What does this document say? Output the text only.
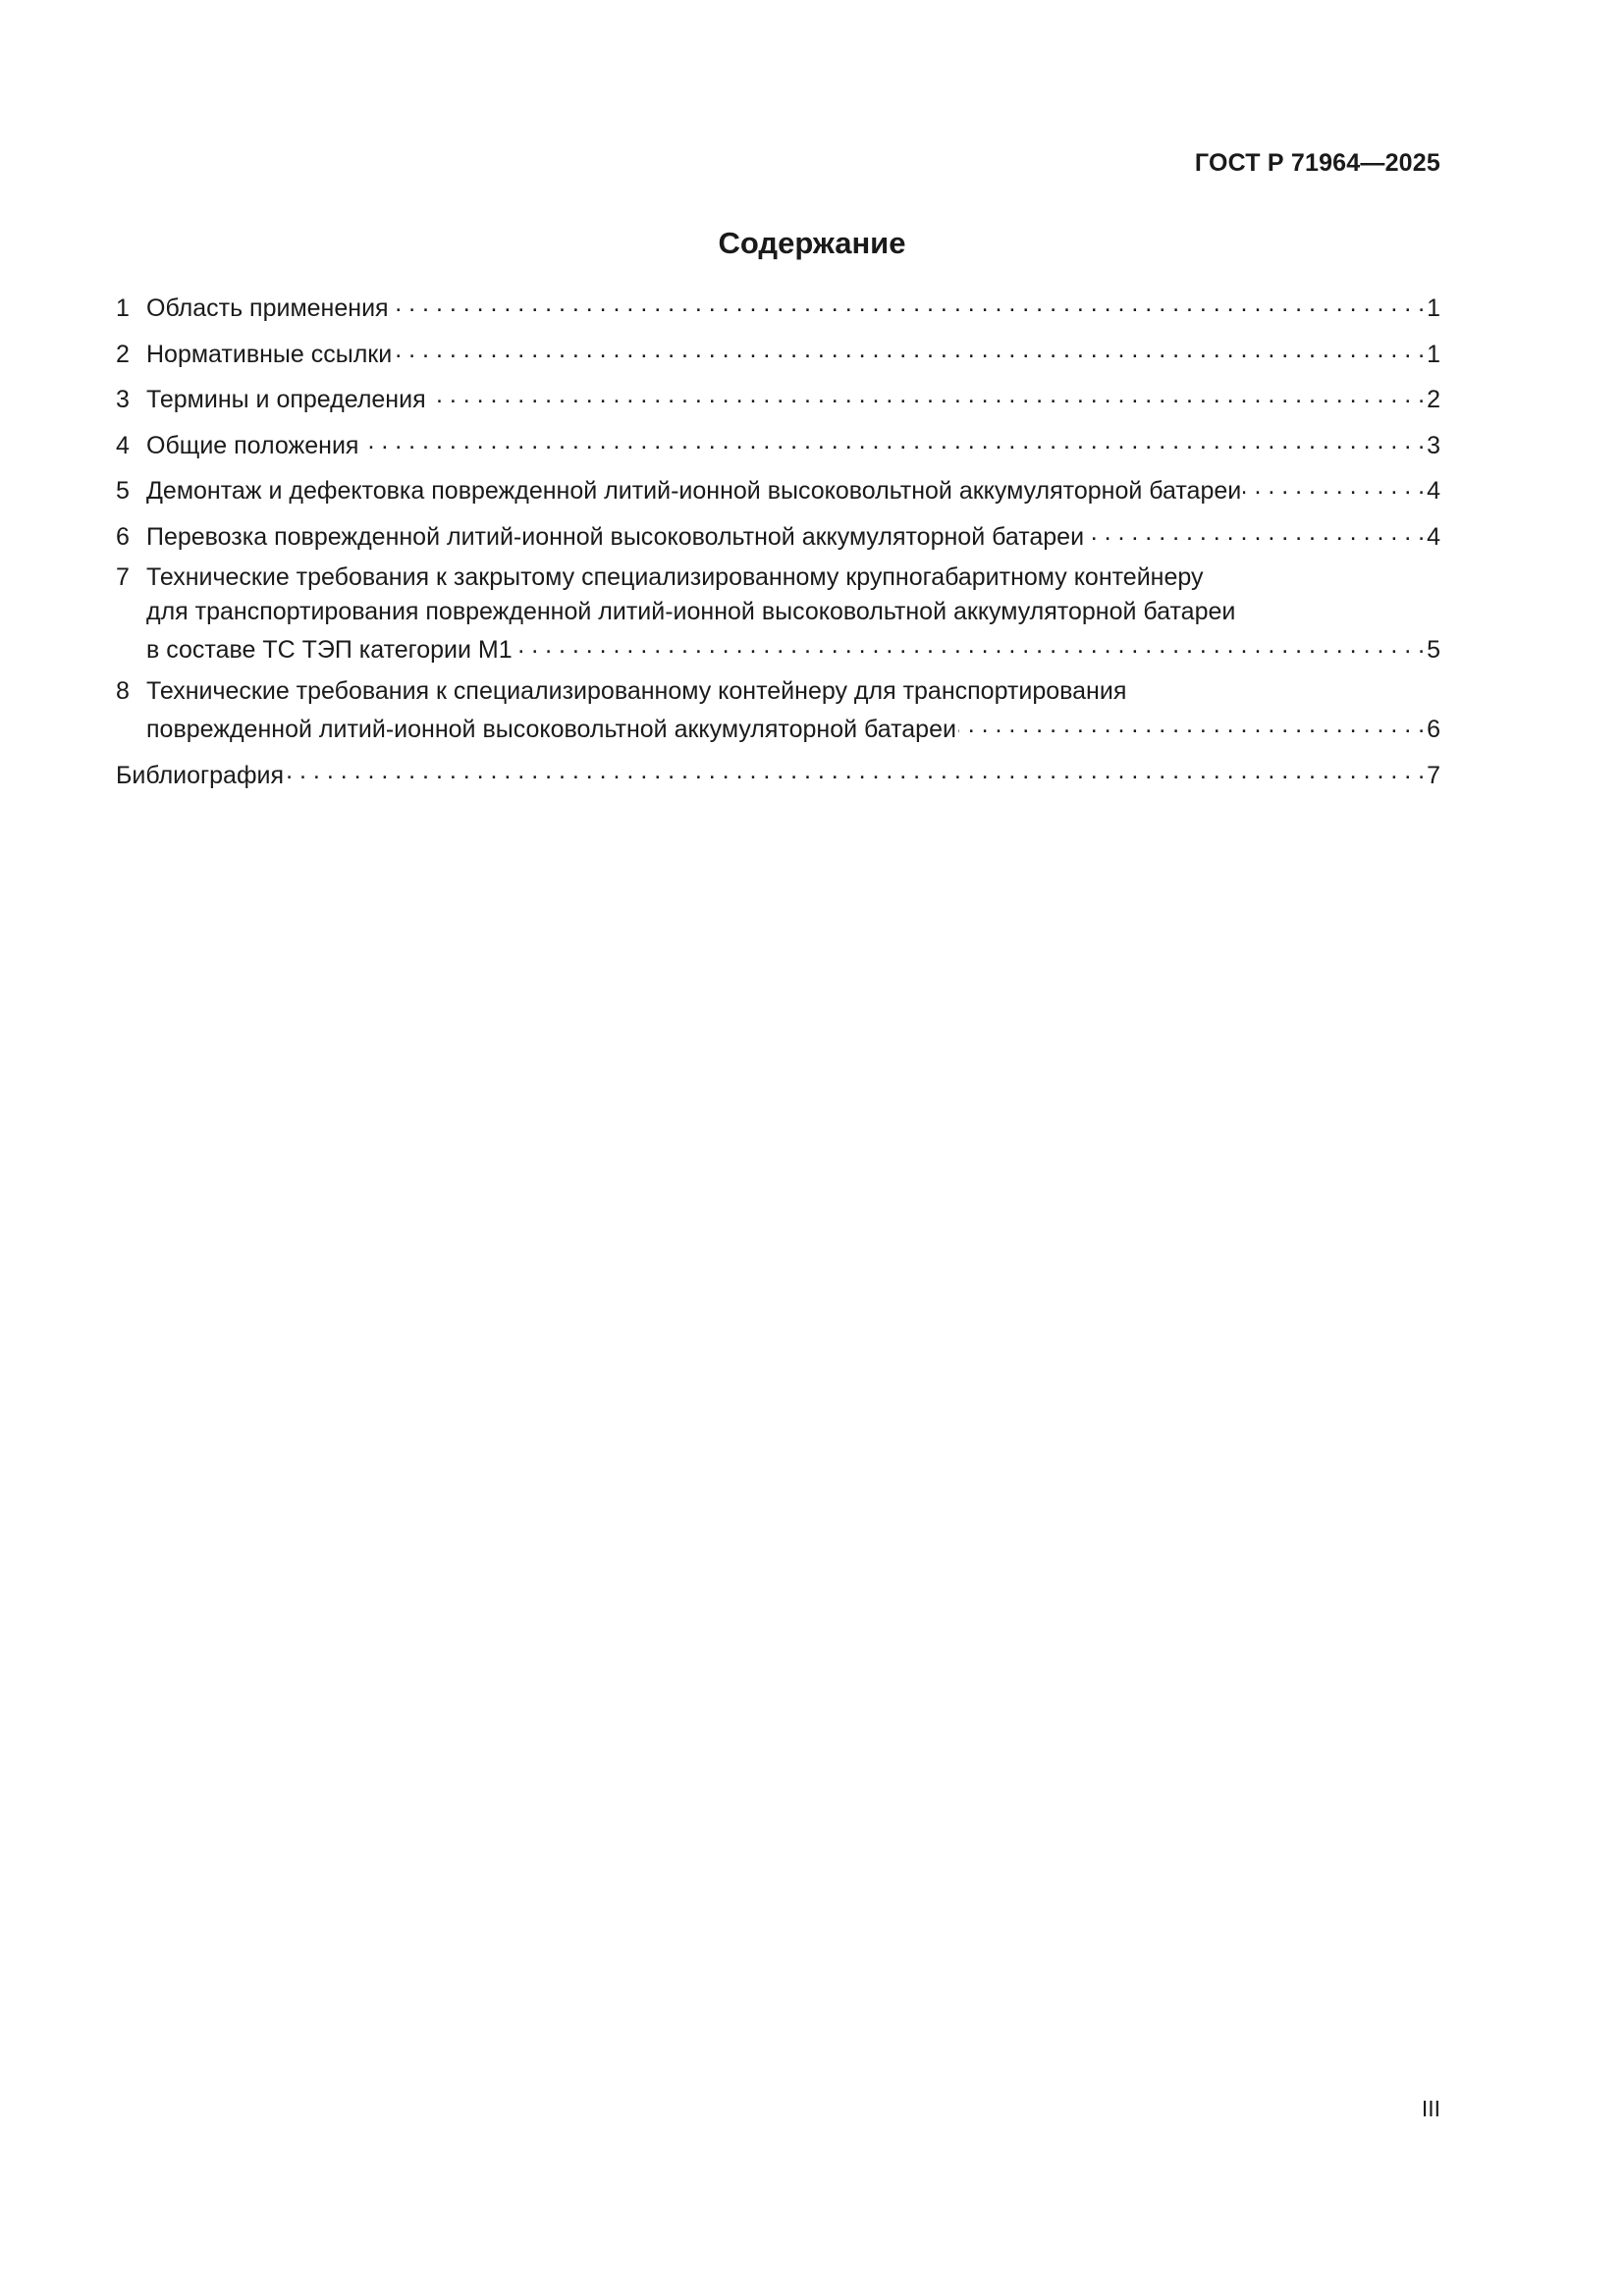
ГОСТ Р 71964—2025
Содержание
1 Область применения . . .	1
2 Нормативные ссылки . . .	1
3 Термины и определения . . .	2
4 Общие положения . . .	3
5 Демонтаж и дефектовка поврежденной литий-ионной высоковольтной аккумуляторной батареи . . .	4
6 Перевозка поврежденной литий-ионной высоковольтной аккумуляторной батареи . . .	4
7 Технические требования к закрытому специализированному крупногабаритному контейнеру
для транспортирования поврежденной литий-ионной высоковольтной аккумуляторной батареи
в составе ТС ТЭП категории M1 . . .	5
8 Технические требования к специализированному контейнеру для транспортирования
поврежденной литий-ионной высоковольтной аккумуляторной батареи . . .	6
Библиография . . .	7
III
